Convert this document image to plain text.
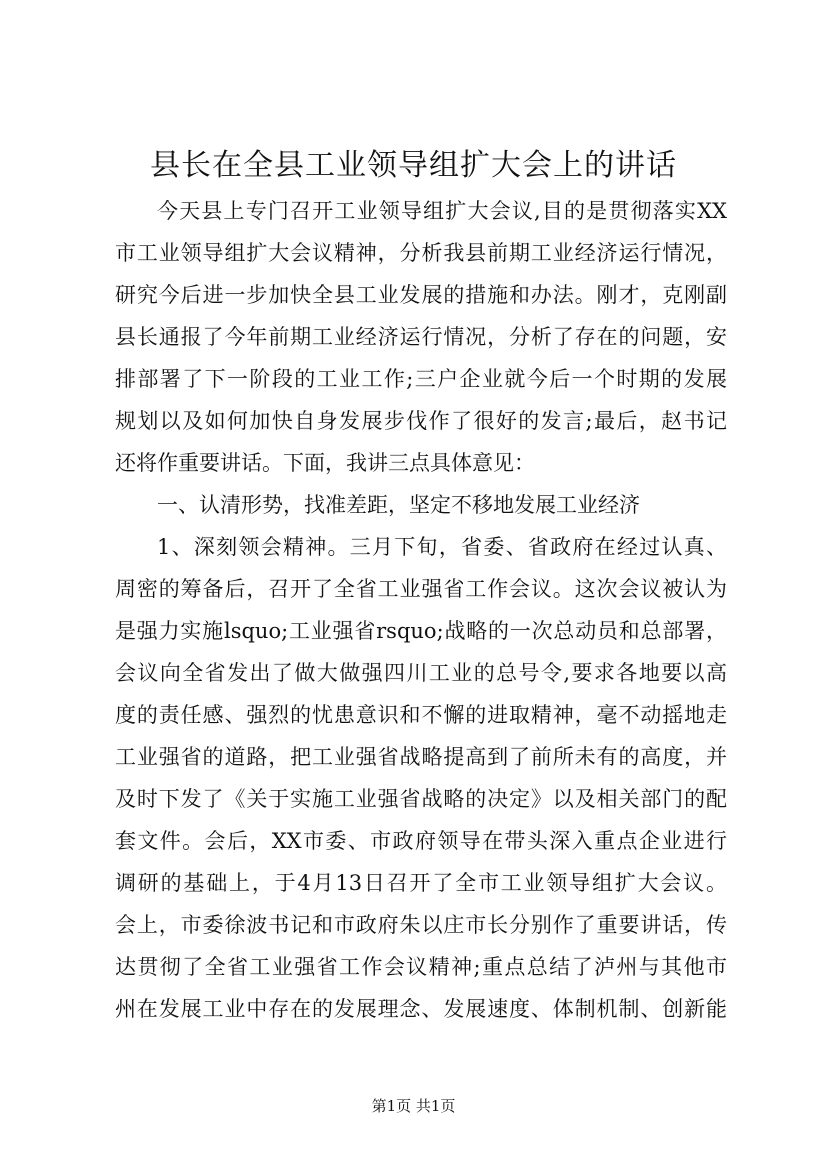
县长在全县工业领导组扩大会上的讲话

今天县上专门召开工业领导组扩大会议,目的是贯彻落实XX

市工业领导组扩大会议精神，分析我县前期工业经济运行情况，

研究今后进一步加快全县工业发展的措施和办法。刚才，克刚副

县长通报了今年前期工业经济运行情况，分析了存在的问题，安

排部署了下一阶段的工业工作;三户企业就今后一个时期的发展

规划以及如何加快自身发展步伐作了很好的发言;最后，赵书记

还将作重要讲话。下面，我讲三点具体意见：

一、认清形势，找准差距，坚定不移地发展工业经济

1、深刻领会精神。三月下旬，省委、省政府在经过认真、

周密的筹备后，召开了全省工业强省工作会议。这次会议被认为

是强力实施lsquo;工业强省rsquo;战略的一次总动员和总部署，

会议向全省发出了做大做强四川工业的总号令,要求各地要以高

度的责任感、强烈的忧患意识和不懈的进取精神，毫不动摇地走

工业强省的道路，把工业强省战略提高到了前所未有的高度，并

及时下发了《关于实施工业强省战略的决定》以及相关部门的配

套文件。会后，XX市委、市政府领导在带头深入重点企业进行

调研的基础上，于4月13日召开了全市工业领导组扩大会议。

会上，市委徐波书记和市政府朱以庄市长分别作了重要讲话，传

达贯彻了全省工业强省工作会议精神;重点总结了泸州与其他市

州在发展工业中存在的发展理念、发展速度、体制机制、创新能

第1页 共1页
